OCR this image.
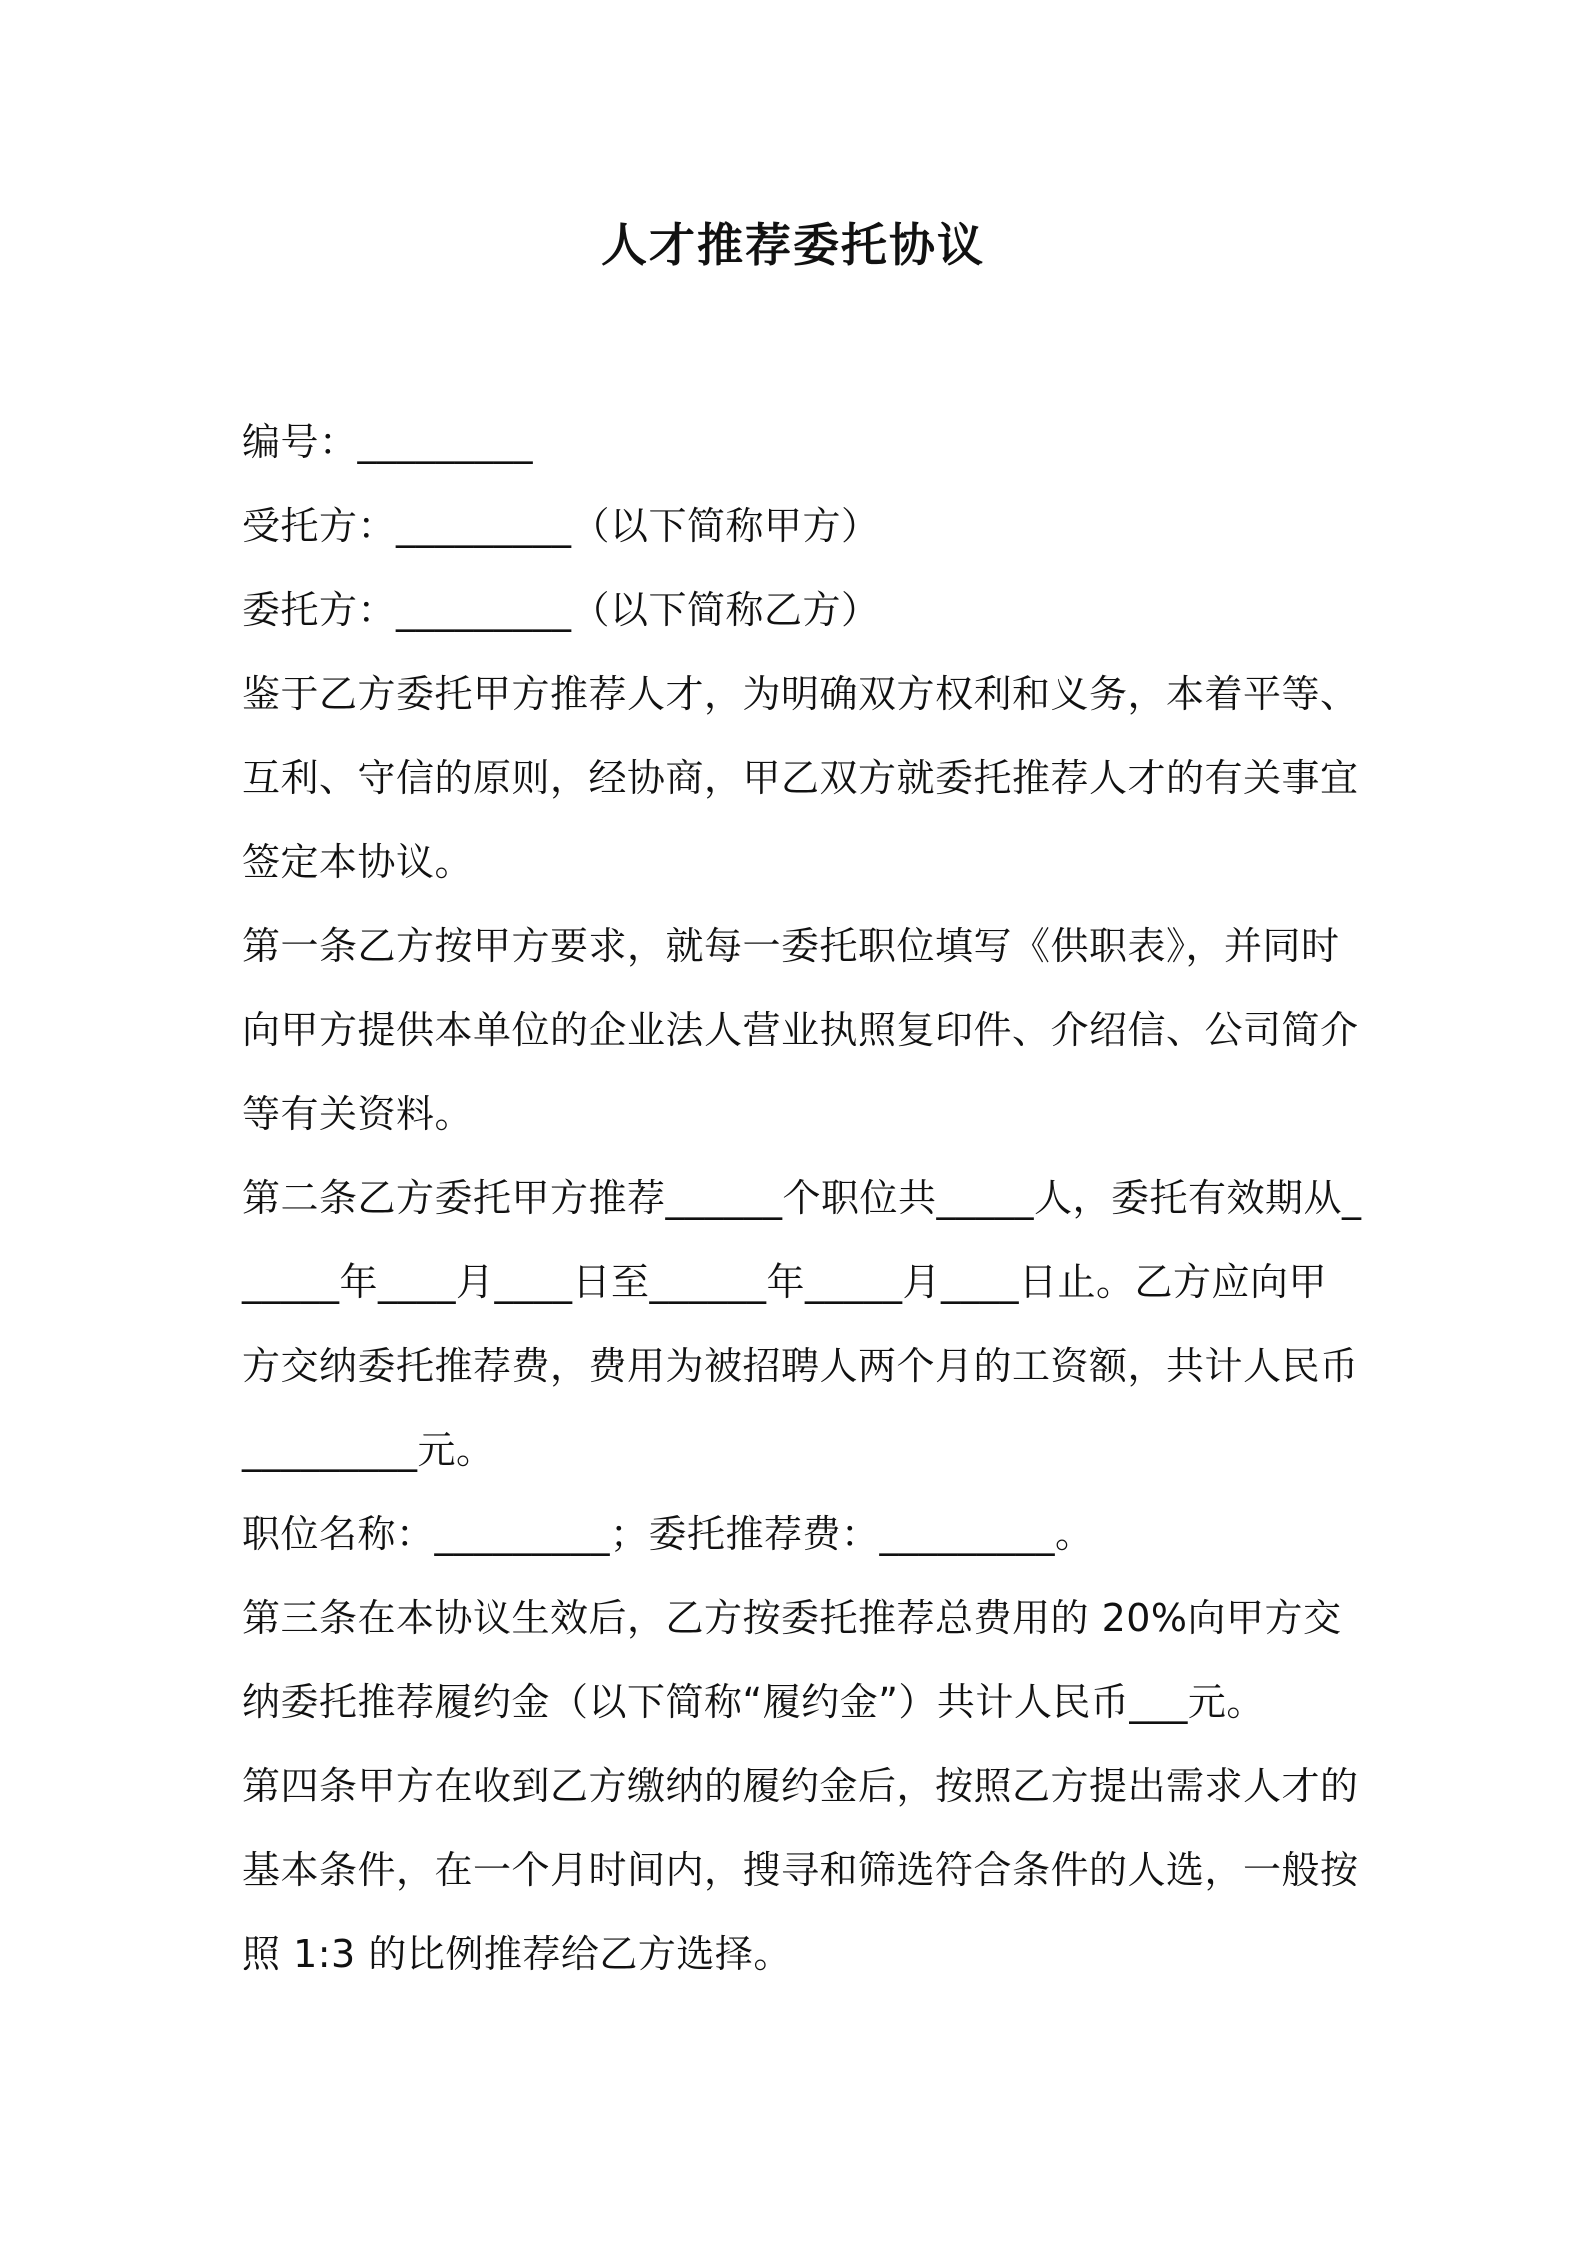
人才推荐委托协议

编号：_________

受托方：_________（以下简称甲方）

委托方：_________（以下简称乙方）

鉴于乙方委托甲方推荐人才，为明确双方权利和义务，本着平等、互利、守信的原则，经协商，甲乙双方就委托推荐人才的有关事宜签定本协议。

第一条乙方按甲方要求，就每一委托职位填写《供职表》，并同时向甲方提供本单位的企业法人营业执照复印件、介绍信、公司简介等有关资料。

第二条乙方委托甲方推荐______个职位共_____人，委托有效期从______年____月____日至______年_____月____日止。乙方应向甲方交纳委托推荐费，费用为被招聘人两个月的工资额，共计人民币_________元。

职位名称：_________；委托推荐费：_________。

第三条在本协议生效后，乙方按委托推荐总费用的 20%向甲方交纳委托推荐履约金（以下简称“履约金”）共计人民币___元。

第四条甲方在收到乙方缴纳的履约金后，按照乙方提出需求人才的基本条件，在一个月时间内，搜寻和筛选符合条件的人选，一般按照 1:3 的比例推荐给乙方选择。
